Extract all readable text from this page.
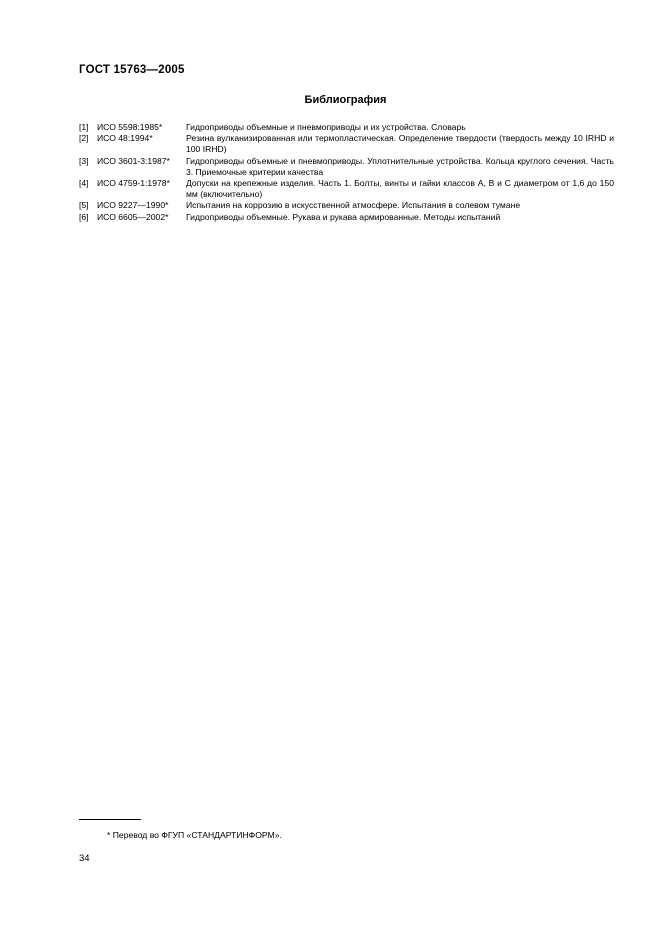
ГОСТ 15763—2005
Библиография
[1] ИСО 5598:1985*	Гидроприводы объемные и пневмоприводы и их устройства. Словарь
[2] ИСО 48:1994*	Резина вулканизированная или термопластическая. Определение твердости (твердость между 10 IRHD и 100 IRHD)
[3] ИСО 3601-3:1987* Гидроприводы объемные и пневмоприводы. Уплотнительные устройства. Кольца круглого сечения. Часть 3. Приемочные критерии качества
[4] ИСО 4759-1:1978* Допуски на крепежные изделия. Часть 1. Болты, винты и гайки классов А, В и С диаметром от 1,6 до 150 мм (включительно)
[5] ИСО 9227—1990* Испытания на коррозию в искусственной атмосфере. Испытания в солевом тумане
[6] ИСО 6605—2002* Гидроприводы объемные. Рукава и рукава армированные. Методы испытаний
* Перевод во ФГУП «СТАНДАРТИНФОРМ».
34
